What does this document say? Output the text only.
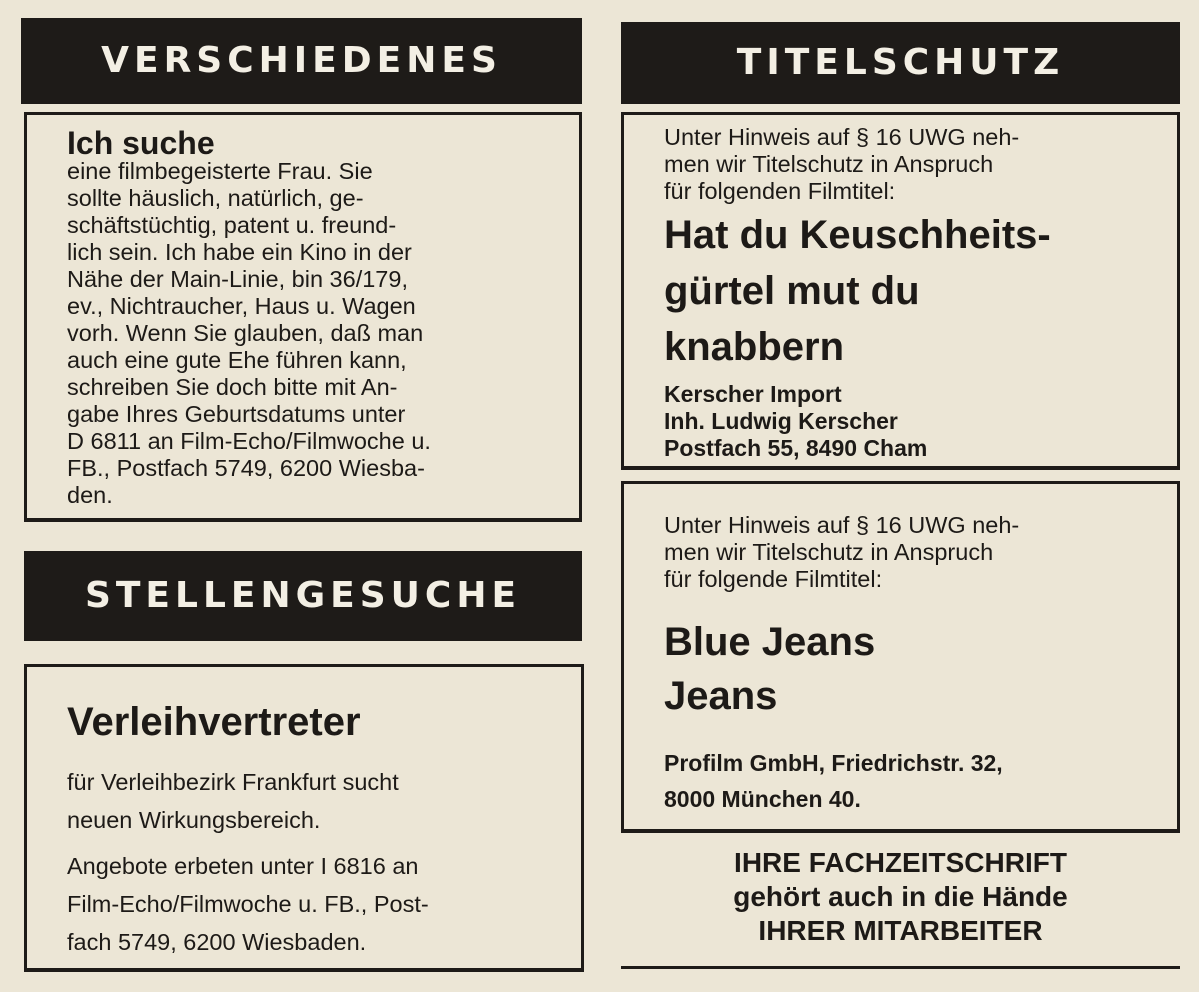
VERSCHIEDENES
Ich suche
eine filmbegeisterte Frau. Sie
sollte häuslich, natürlich, ge-
schäftstüchtig, patent u. freund-
lich sein. Ich habe ein Kino in der
Nähe der Main-Linie, bin 36/179,
ev., Nichtraucher, Haus u. Wagen
vorh. Wenn Sie glauben, daß man
auch eine gute Ehe führen kann,
schreiben Sie doch bitte mit An-
gabe Ihres Geburtsdatums unter
D 6811 an Film-Echo/Filmwoche u.
FB., Postfach 5749, 6200 Wiesba-
den.
STELLENGESUCHE
Verleihvertreter
für Verleihbezirk Frankfurt sucht
neuen Wirkungsbereich.
Angebote erbeten unter I 6816 an
Film-Echo/Filmwoche u. FB., Post-
fach 5749, 6200 Wiesbaden.
TITELSCHUTZ
Unter Hinweis auf § 16 UWG neh-
men wir Titelschutz in Anspruch
für folgenden Filmtitel:
Hat du Keuschheits-
gürtel mut du
knabbern
Kerscher Import
Inh. Ludwig Kerscher
Postfach 55, 8490 Cham
Unter Hinweis auf § 16 UWG neh-
men wir Titelschutz in Anspruch
für folgende Filmtitel:
Blue Jeans
Jeans
Profilm GmbH, Friedrichstr. 32,
8000 München 40.
IHRE FACHZEITSCHRIFT
gehört auch in die Hände
IHRER MITARBEITER
